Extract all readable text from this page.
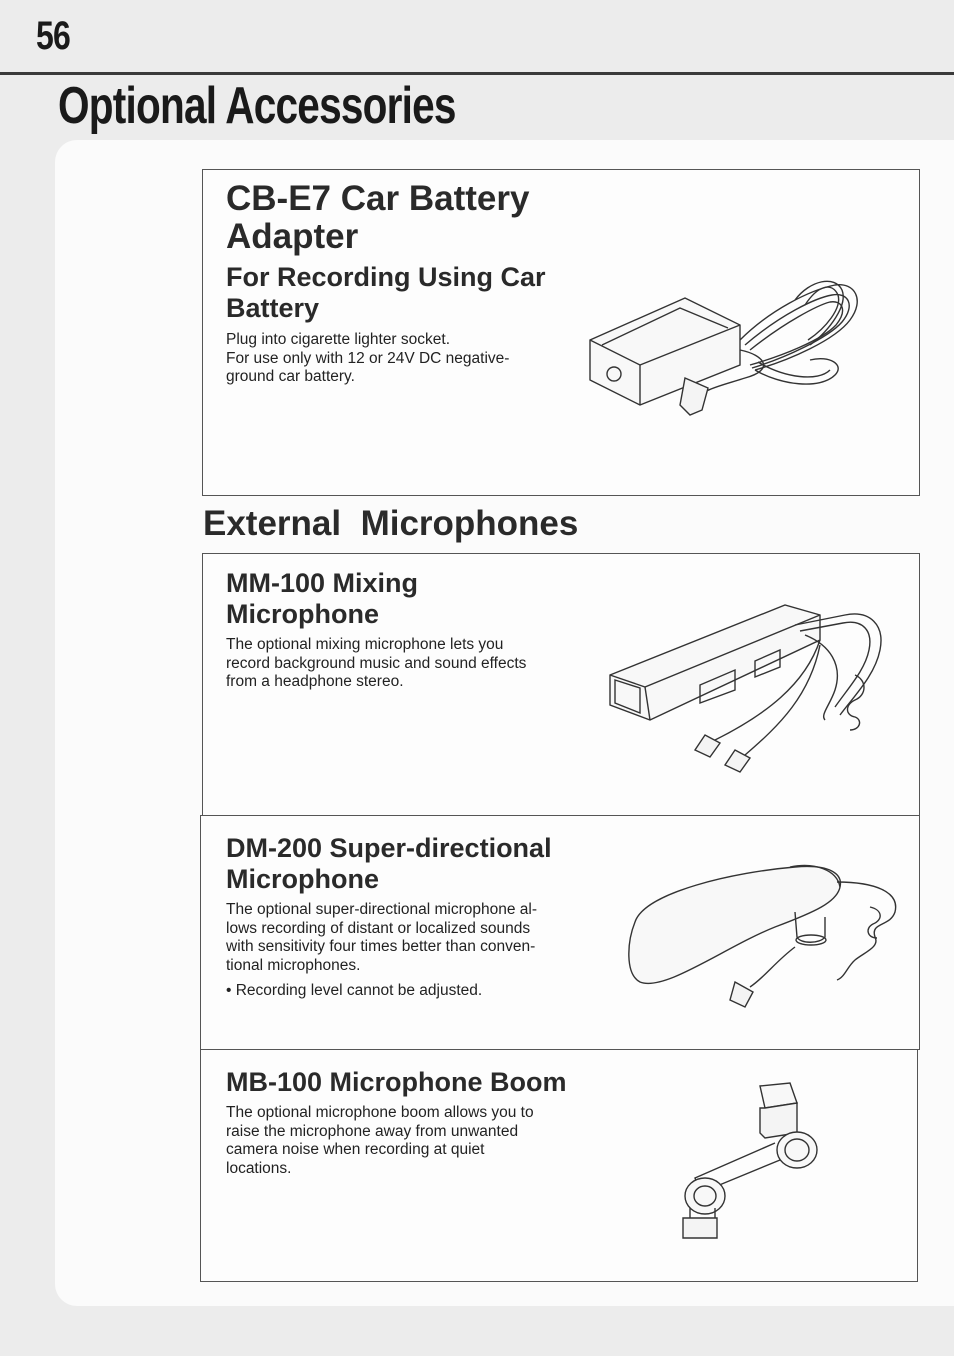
56
Optional Accessories
CB-E7 Car Battery
Adapter
For Recording Using Car
Battery

Plug into cigarette lighter socket.
For use only with 12 or 24V DC negative-
ground car battery.

External  Microphones
MM-100 Mixing
Microphone

The optional mixing microphone lets you
record background music and sound effects
from a headphone stereo.

DM-200 Super-directional
Microphone

The optional super-directional microphone al-
lows recording of distant or localized sounds
with sensitivity four times better than conven-
tional microphones.

• Recording level cannot be adjusted.

MB-100 Microphone Boom

The optional microphone boom allows you to
raise the microphone away from unwanted
camera noise when recording at quiet
locations.
